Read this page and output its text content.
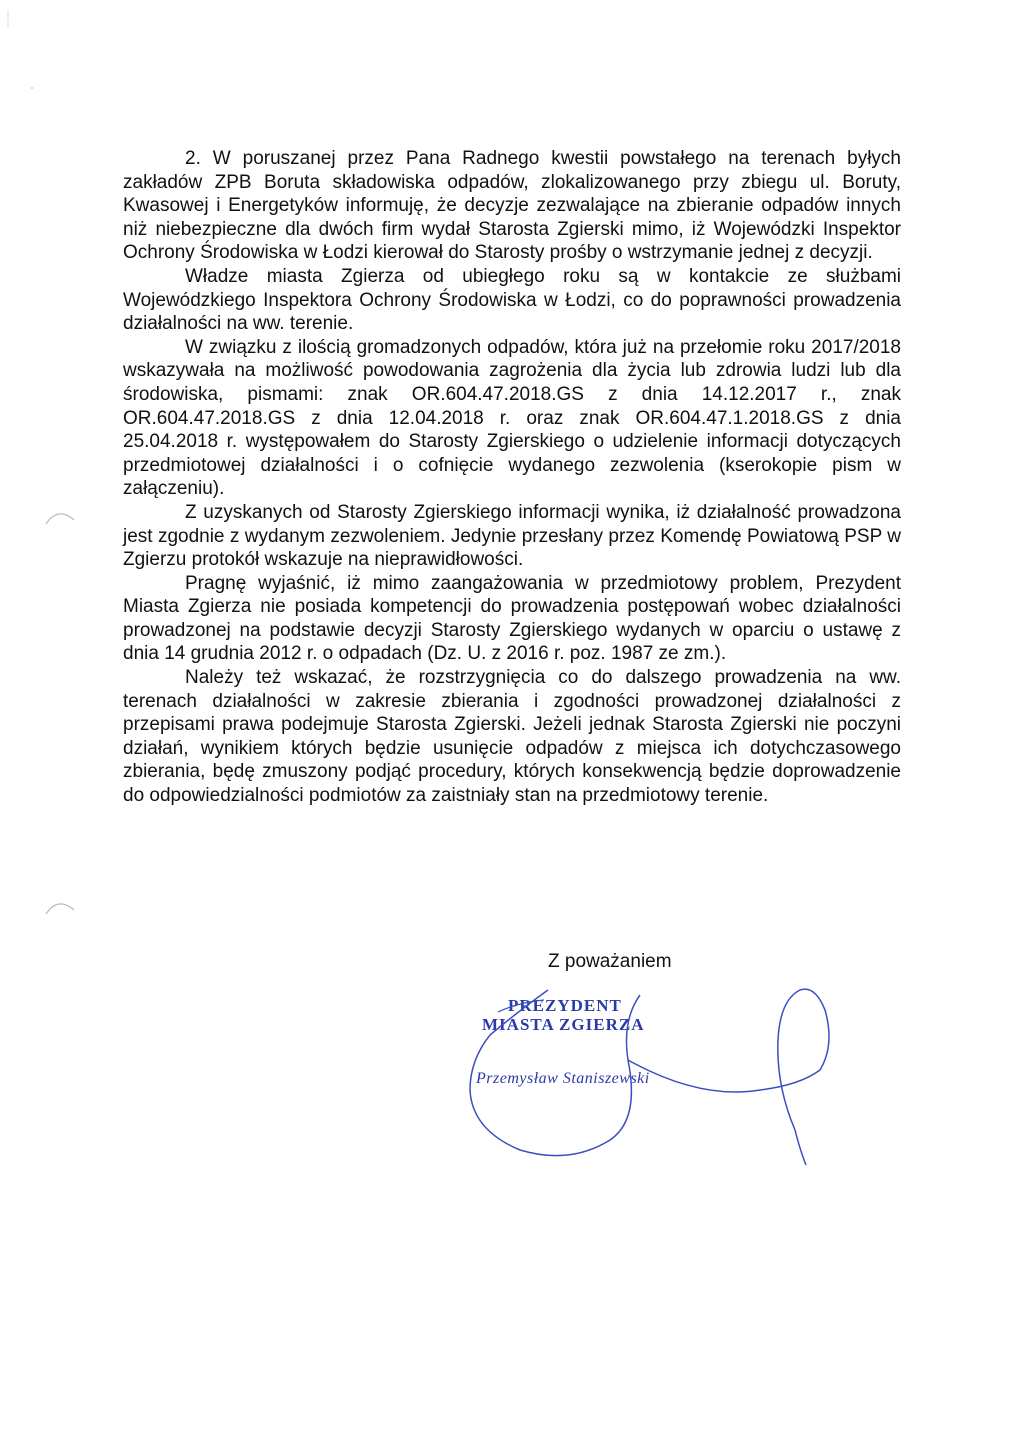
2. W poruszanej przez Pana Radnego kwestii powstałego na terenach byłych zakładów ZPB Boruta składowiska odpadów, zlokalizowanego przy zbiegu ul. Boruty, Kwasowej i Energetyków informuję, że decyzje zezwalające na zbieranie odpadów innych niż niebezpieczne dla dwóch firm wydał Starosta Zgierski mimo, iż Wojewódzki Inspektor Ochrony Środowiska w Łodzi kierował do Starosty prośby o wstrzymanie jednej z decyzji.

Władze miasta Zgierza od ubiegłego roku są w kontakcie ze służbami Wojewódzkiego Inspektora Ochrony Środowiska w Łodzi, co do poprawności prowadzenia działalności na ww. terenie.

W związku z ilością gromadzonych odpadów, która już na przełomie roku 2017/2018 wskazywała na możliwość powodowania zagrożenia dla życia lub zdrowia ludzi lub dla środowiska, pismami: znak OR.604.47.2018.GS z dnia 14.12.2017 r., znak OR.604.47.2018.GS z dnia 12.04.2018 r. oraz znak OR.604.47.1.2018.GS z dnia 25.04.2018 r. występowałem do Starosty Zgierskiego o udzielenie informacji dotyczących przedmiotowej działalności i o cofnięcie wydanego zezwolenia (kserokopie pism w załączeniu).

Z uzyskanych od Starosty Zgierskiego informacji wynika, iż działalność prowadzona jest zgodnie z wydanym zezwoleniem. Jedynie przesłany przez Komendę Powiatową PSP w Zgierzu protokół wskazuje na nieprawidłowości.

Pragnę wyjaśnić, iż mimo zaangażowania w przedmiotowy problem, Prezydent Miasta Zgierza nie posiada kompetencji do prowadzenia postępowań wobec działalności prowadzonej na podstawie decyzji Starosty Zgierskiego wydanych w oparciu o ustawę z dnia 14 grudnia 2012 r. o odpadach (Dz. U. z 2016 r. poz. 1987 ze zm.).

Należy też wskazać, że rozstrzygnięcia co do dalszego prowadzenia na ww. terenach działalności w zakresie zbierania i zgodności prowadzonej działalności z przepisami prawa podejmuje Starosta Zgierski. Jeżeli jednak Starosta Zgierski nie poczyni działań, wynikiem których będzie usunięcie odpadów z miejsca ich dotychczasowego zbierania, będę zmuszony podjąć procedury, których konsekwencją będzie doprowadzenie do odpowiedzialności podmiotów za zaistniały stan na przedmiotowy terenie.

Z poważaniem
PREZYDENT
MIASTA ZGIERZA
Przemysław Staniszewski
